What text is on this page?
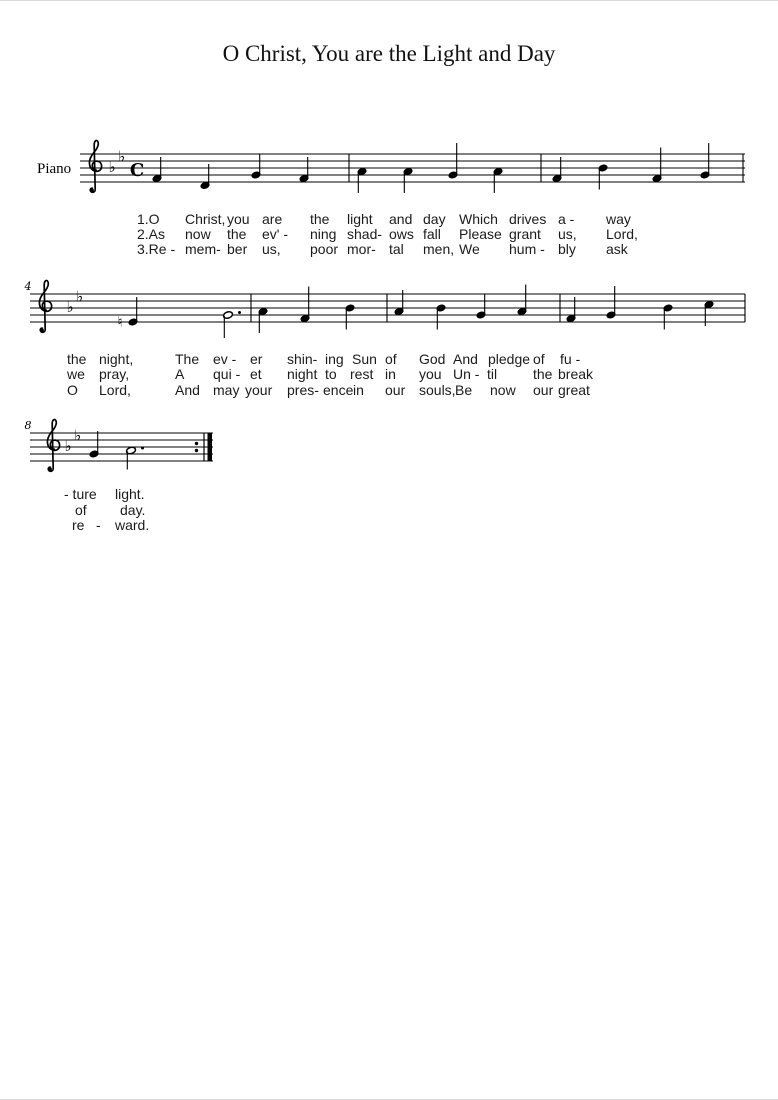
O Christ, You are the Light and Day
Piano ♭
♭
C
4
♭
♭
♮
8
♭
♭
1.O Christ, you are the light and day Which drives a - way
2.As now the ev' - ning shad- ows fall Please grant us, Lord,
3.Re - mem- ber us, poor mor- tal men, We hum - bly ask
the night,	The ev - er shin- ing Sun of God And pledge of fu -
we pray,	A qui - et night to rest in you Un - til	the break
O Lord,	And may your pres- ence in our souls, Be now our great
- ture light.
of day.
re - ward.
